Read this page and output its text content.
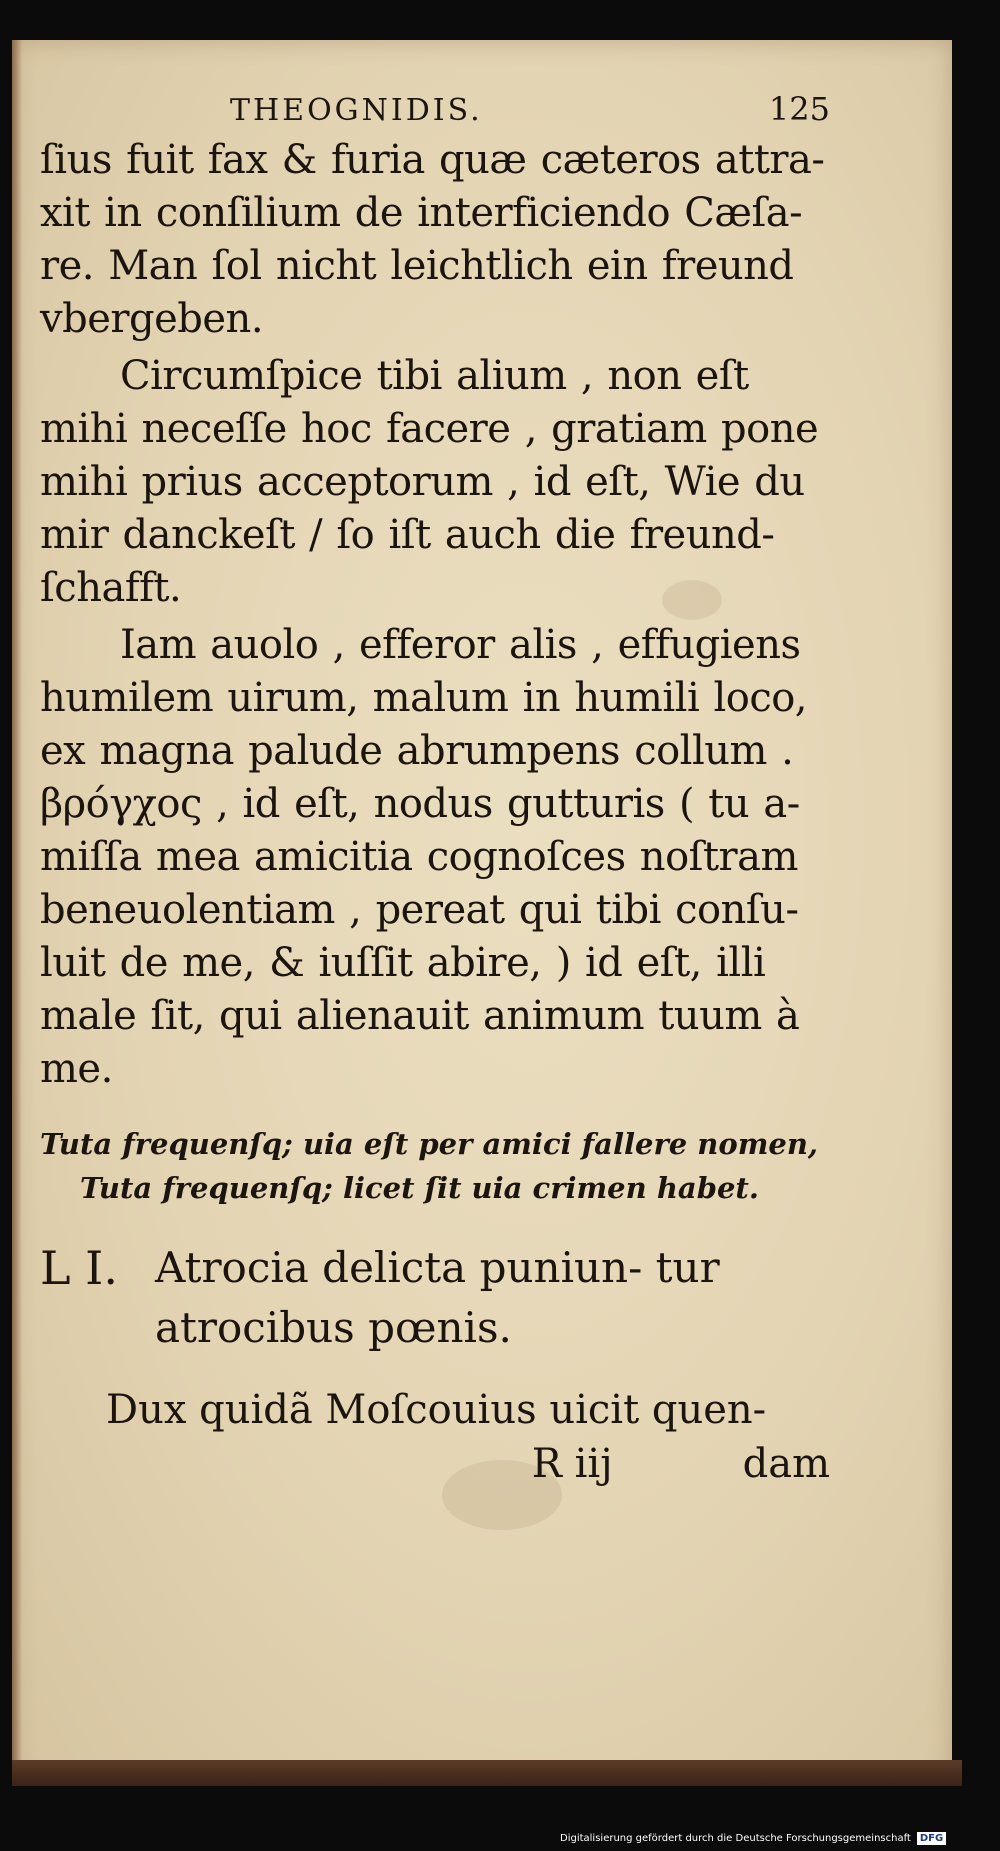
THEOGNIDIS.	125

ſius fuit fax & furia quæ cæteros attra- xit in conſilium de interficiendo Cæſa- re. Man ſol nicht leichtlich ein freund vbergeben.

Circumſpice tibi alium , non eſt mihi neceſſe hoc facere , gratiam pone mihi prius acceptorum , id eſt, Wie du mir danckeſt / ſo iſt auch die freund- ſchafft.

Iam auolo , efferor alis , effugiens humilem uirum, malum in humili loco, ex magna palude abrumpens collum . βρόγχος , id eſt, nodus gutturis ( tu a- miſſa mea amicitia cognoſces noſtram beneuolentiam , pereat qui tibi conſu- luit de me, & iuſſit abire, ) id eſt, illi male ſit, qui alienauit animum tuum à me.

Tuta frequenſq; uia eſt per amici fallere nomen,
Tuta frequenſq; licet ſit uia crimen habet.
L I. Atrocia delicta puniun- tur atrocibus pœnis.
Dux quidã Moſcouius uicit quen-
R iij	dam
Digitalisierung gefördert durch die Deutsche Forschungsgemeinschaft DFG
